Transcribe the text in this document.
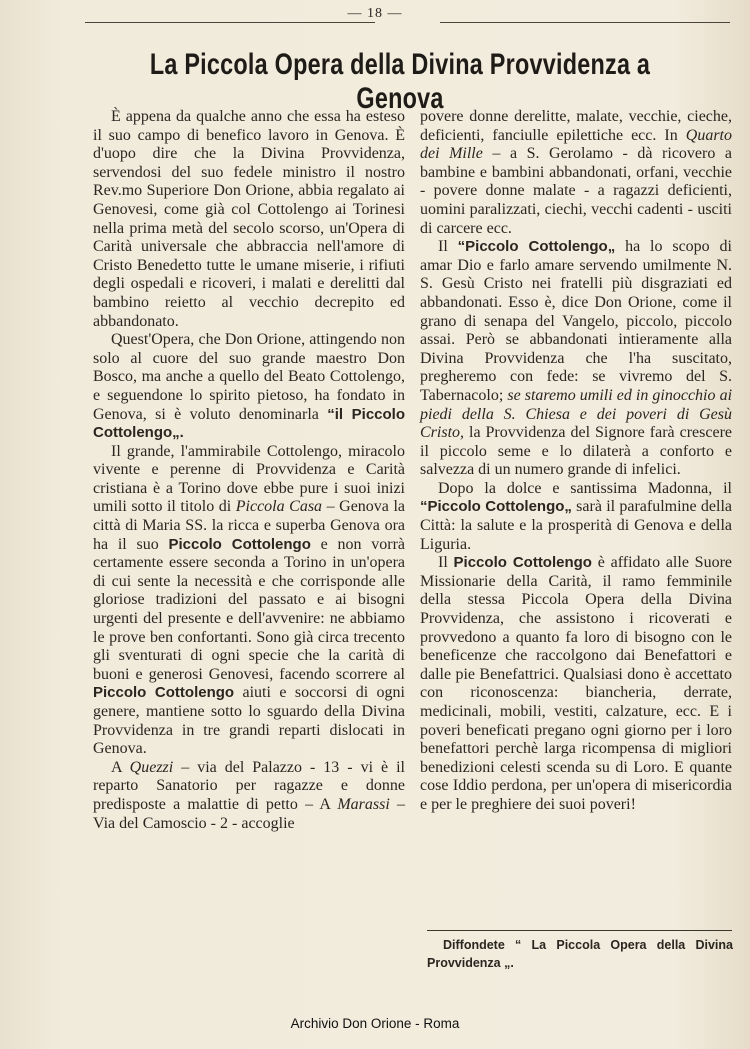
— 18 —
La Piccola Opera della Divina Provvidenza a Genova

È appena da qualche anno che essa ha esteso il suo campo di benefico lavoro in Genova. È d'uopo dire che la Divina Provvidenza, servendosi del suo fedele ministro il nostro Rev.mo Superiore Don Orione, abbia regalato ai Genovesi, come già col Cottolengo ai Torinesi nella prima metà del secolo scorso, un'Opera di Carità universale che abbraccia nell'amore di Cristo Benedetto tutte le umane miserie, i rifiuti degli ospedali e ricoveri, i malati e derelitti dal bambino reietto al vecchio decrepito ed abbandonato.

Quest'Opera, che Don Orione, attingendo non solo al cuore del suo grande maestro Don Bosco, ma anche a quello del Beato Cottolengo, e seguendone lo spirito pietoso, ha fondato in Genova, si è voluto denominarla “il Piccolo Cottolengo„.

Il grande, l'ammirabile Cottolengo, miracolo vivente e perenne di Provvidenza e Carità cristiana è a Torino dove ebbe pure i suoi inizi umili sotto il titolo di Piccola Casa – Genova la città di Maria SS. la ricca e superba Genova ora ha il suo Piccolo Cottolengo e non vorrà certamente essere seconda a Torino in un'opera di cui sente la necessità e che corrisponde alle gloriose tradizioni del passato e ai bisogni urgenti del presente e dell'avvenire: ne abbiamo le prove ben confortanti. Sono già circa trecento gli sventurati di ogni specie che la carità di buoni e generosi Genovesi, facendo scorrere al Piccolo Cottolengo aiuti e soccorsi di ogni genere, mantiene sotto lo sguardo della Divina Provvidenza in tre grandi reparti dislocati in Genova.

A Quezzi – via del Palazzo - 13 - vi è il reparto Sanatorio per ragazze e donne predisposte a malattie di petto – A Marassi – Via del Camoscio - 2 - accoglie

povere donne derelitte, malate, vecchie, cieche, deficienti, fanciulle epilettiche ecc. In Quarto dei Mille – a S. Gerolamo - dà ricovero a bambine e bambini abbandonati, orfani, vecchie - povere donne malate - a ragazzi deficienti, uomini paralizzati, ciechi, vecchi cadenti - usciti di carcere ecc.

Il “Piccolo Cottolengo„ ha lo scopo di amar Dio e farlo amare servendo umilmente N. S. Gesù Cristo nei fratelli più disgraziati ed abbandonati. Esso è, dice Don Orione, come il grano di senapa del Vangelo, piccolo, piccolo assai. Però se abbandonati intieramente alla Divina Provvidenza che l'ha suscitato, pregheremo con fede: se vivremo del S. Tabernacolo; se staremo umili ed in ginocchio ai piedi della S. Chiesa e dei poveri di Gesù Cristo, la Provvidenza del Signore farà crescere il piccolo seme e lo dilaterà a conforto e salvezza di un numero grande di infelici.

Dopo la dolce e santissima Madonna, il “Piccolo Cottolengo„ sarà il parafulmine della Città: la salute e la prosperità di Genova e della Liguria.

Il Piccolo Cottolengo è affidato alle Suore Missionarie della Carità, il ramo femminile della stessa Piccola Opera della Divina Provvidenza, che assistono i ricoverati e provvedono a quanto fa loro di bisogno con le beneficenze che raccolgono dai Benefattori e dalle pie Benefattrici. Qualsiasi dono è accettato con riconoscenza: biancheria, derrate, medicinali, mobili, vestiti, calzature, ecc. E i poveri beneficati pregano ogni giorno per i loro benefattori perchè larga ricompensa di migliori benedizioni celesti scenda su di Loro. E quante cose Iddio perdona, per un'opera di misericordia e per le preghiere dei suoi poveri!

Diffondete “ La Piccola Opera della Divina Provvidenza „.
Archivio Don Orione - Roma
